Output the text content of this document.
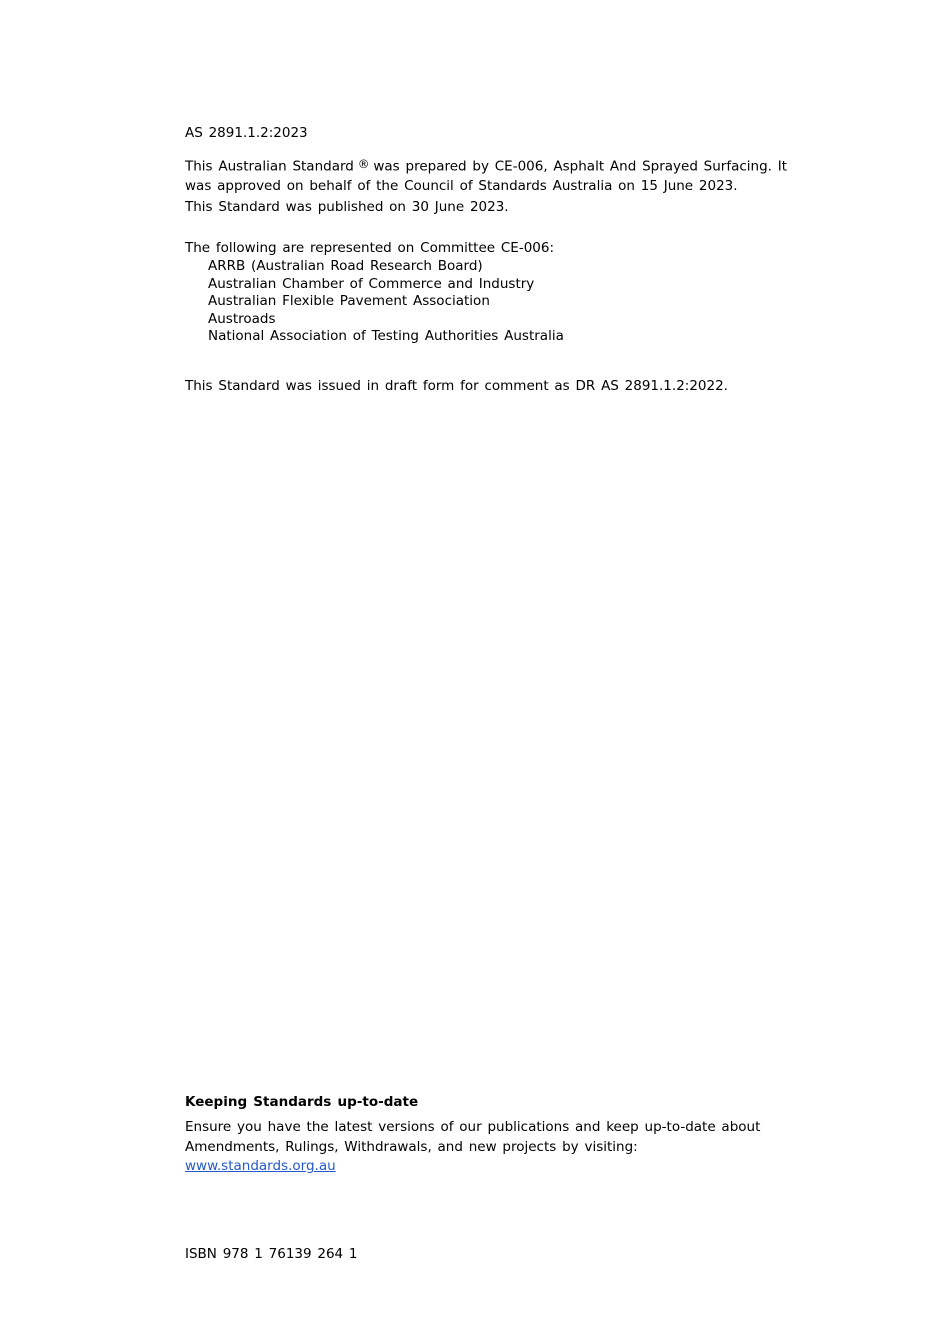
AS 2891.1.2:2023
This Australian Standard ® was prepared by CE-006, Asphalt And Sprayed Surfacing. It
was approved on behalf of the Council of Standards Australia on 15 June 2023.
This Standard was published on 30 June 2023.
The following are represented on Committee CE-006:
ARRB (Australian Road Research Board)
Australian Chamber of Commerce and Industry
Australian Flexible Pavement Association
Austroads
National Association of Testing Authorities Australia
This Standard was issued in draft form for comment as DR AS 2891.1.2:2022.
Keeping Standards up-to-date
Ensure you have the latest versions of our publications and keep up-to-date about
Amendments, Rulings, Withdrawals, and new projects by visiting:
www.standards.org.au
ISBN 978 1 76139 264 1
